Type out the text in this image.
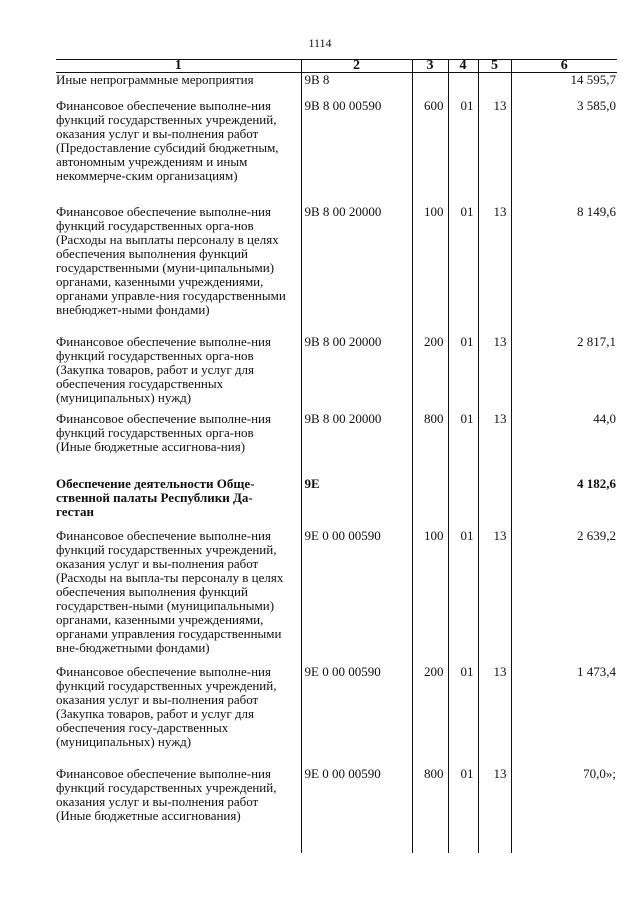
1114
1	2	3	4	5	6
Иные непрограммные мероприятия	9В 8				14 595,7
Финансовое обеспечение выполне-ния функций государственных учреждений, оказания услуг и вы-полнения работ (Предоставление субсидий бюджетным, автономным учреждениям и иным некоммерче-ским организациям)	9В 8 00 00590	600	01	13	3 585,0
Финансовое обеспечение выполне-ния функций государственных орга-нов (Расходы на выплаты персоналу в целях обеспечения выполнения функций государственными (муни-ципальными) органами, казенными учреждениями, органами управле-ния государственными внебюджет-ными фондами)	9В 8 00 20000	100	01	13	8 149,6
Финансовое обеспечение выполне-ния функций государственных орга-нов (Закупка товаров, работ и услуг для обеспечения государственных (муниципальных) нужд)	9В 8 00 20000	200	01	13	2 817,1
Финансовое обеспечение выполне-ния функций государственных орга-нов (Иные бюджетные ассигнова-ния)	9В 8 00 20000	800	01	13	44,0
Обеспечение деятельности Обще-ственной палаты Республики Да-гестан	9Е				4 182,6
Финансовое обеспечение выполне-ния функций государственных учреждений, оказания услуг и вы-полнения работ (Расходы на выпла-ты персоналу в целях обеспечения выполнения функций государствен-ными (муниципальными) органами, казенными учреждениями, органами управления государственными вне-бюджетными фондами)	9Е 0 00 00590	100	01	13	2 639,2
Финансовое обеспечение выполне-ния функций государственных учреждений, оказания услуг и вы-полнения работ (Закупка товаров, работ и услуг для обеспечения госу-дарственных (муниципальных) нужд)	9Е 0 00 00590	200	01	13	1 473,4
Финансовое обеспечение выполне-ния функций государственных учреждений, оказания услуг и вы-полнения работ (Иные бюджетные ассигнования)	9Е 0 00 00590	800	01	13	70,0»;
